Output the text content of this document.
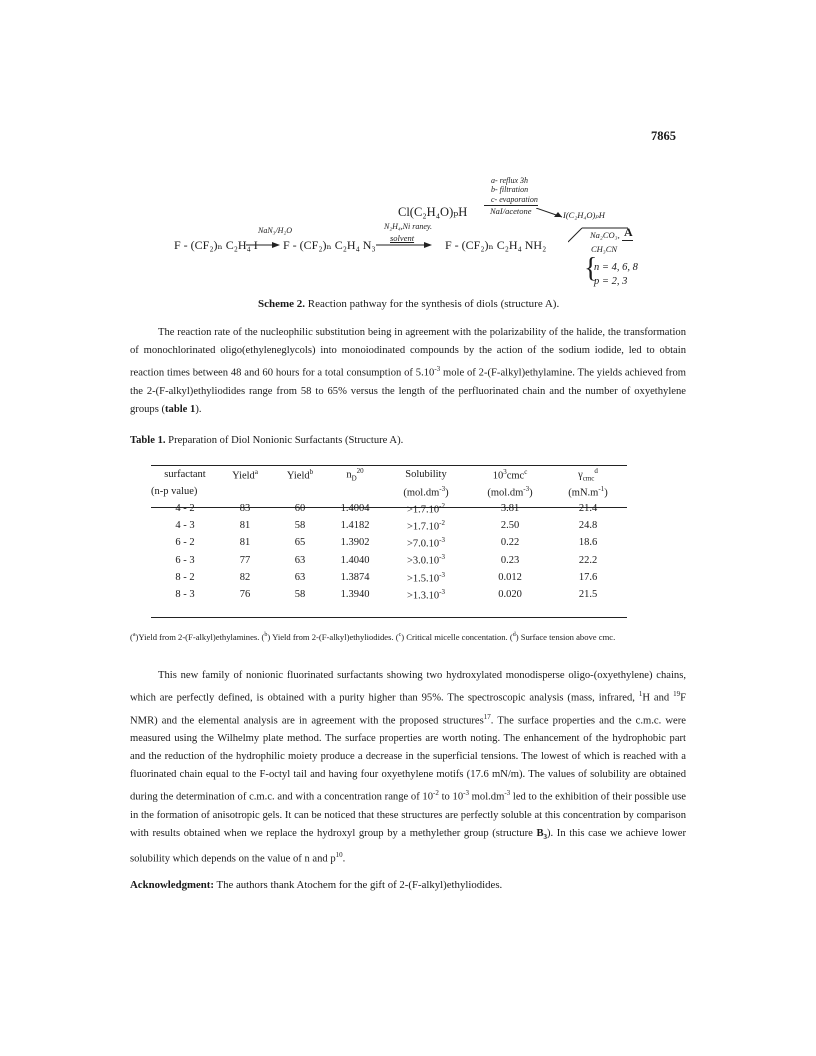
7865
a- reflux 3h
b- filtration
c- evaporation
Cl(C₂H₄O)ₚH	NaI/acetone	I(C₂H₄O)ₚH
NaN₃/H₂O	N₂H₄,Ni raney.
F - (CF₂)ₙ C₂H₄ I F - (CF₂)ₙ C₂H₄ N₃ solvent	F - (CF₂)ₙ C₂H₄ NH₂
Na₂CO₃,
CH₃CN
A
{
n = 4, 6, 8
p = 2, 3
Scheme 2. Reaction pathway for the synthesis of diols (structure A).

The reaction rate of the nucleophilic substitution being in agreement with the polarizability of the halide, the transformation of monochlorinated oligo(ethyleneglycols) into monoiodinated compounds by the action of the sodium iodide, led to obtain reaction times between 48 and 60 hours for a total consumption of $5.10^{-3}$ mole of 2-(F-alkyl)ethylamine. The yields achieved from the 2-(F-alkyl)ethyliodides range from 58 to 65% versus the length of the perfluorinated chain and the number of oxyethylene groups (table 1).

Table 1. Preparation of Diol Nonionic Surfactants (Structure A).
surfactant	Yield$^a$	Yield$^b$	$n_D^{20}$	Solubility	$10^3cmc^c$	$\gamma_{cmc}^d$
(n-p value)				$(mol.dm^{-3})$	$(mol.dm^{-3})$	$(mN.m^{-1})$
4 - 2	83	60	1.4004	$>1.7.10^{-2}$	3.81	21.4
4 - 3	81	58	1.4182	$>1.7.10^{-2}$	2.50	24.8
6 - 2	81	65	1.3902	$>7.0.10^{-3}$	0.22	18.6
6 - 3	77	63	1.4040	$>3.0.10^{-3}$	0.23	22.2
8 - 2	82	63	1.3874	$>1.5.10^{-3}$	0.012	17.6
8 - 3	76	58	1.3940	$>1.3.10^{-3}$	0.020	21.5
($^a$)Yield from 2-(F-alkyl)ethylamines. ($^b$) Yield from 2-(F-alkyl)ethyliodides. ($^c$) Critical micelle concentation. ($^d$) Surface tension above cmc.

This new family of nonionic fluorinated surfactants showing two hydroxylated monodisperse oligo-(oxyethylene) chains, which are perfectly defined, is obtained with a purity higher than 95%. The spectroscopic analysis (mass, infrared, $^1$H and $^{19}$F NMR) and the elemental analysis are in agreement with the proposed structures$^{17}$. The surface properties and the c.m.c. were measured using the Wilhelmy plate method. The surface properties are worth noting. The enhancement of the hydrophobic part and the reduction of the hydrophilic moiety produce a decrease in the superficial tensions. The lowest of which is reached with a fluorinated chain equal to the F-octyl tail and having four oxyethylene motifs (17.6 mN/m). The values of solubility are obtained during the determination of c.m.c. and with a concentration range of $10^{-2}$ to $10^{-3}$ $mol.dm^{-3}$ led to the exhibition of their possible use in the formation of anisotropic gels. It can be noticed that these structures are perfectly soluble at this concentration by comparison with results obtained when we replace the hydroxyl group by a methylether group (structure $B_3$). In this case we achieve lower solubility which depends on the value of n and $p^{10}$.

Acknowledgment: The authors thank Atochem for the gift of 2-(F-alkyl)ethyliodides.
